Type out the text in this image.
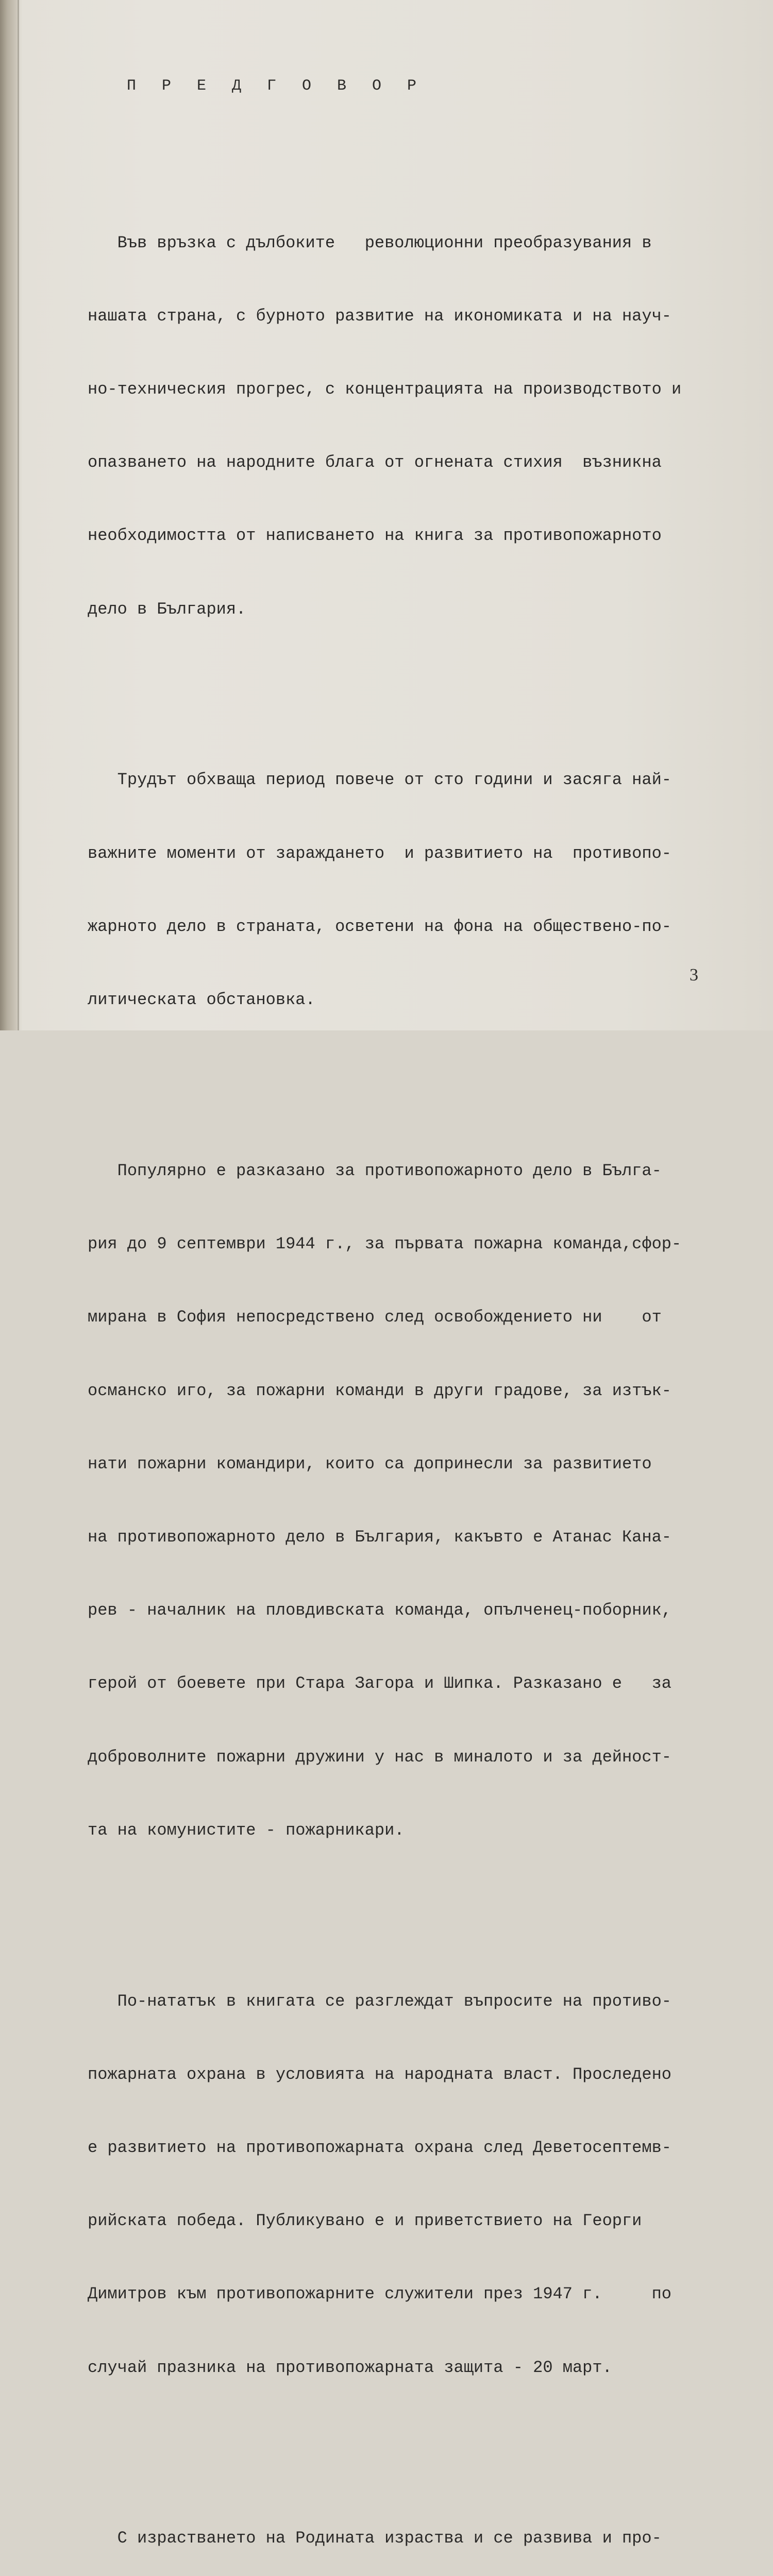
П Р Е Д Г О В О Р

Във връзка с дълбоките   революционни преобразувания в

нашата страна, с бурното развитие на икономиката и на науч-

но-техническия прогрес, с концентрацията на производството и

опазването на народните блага от огнената стихия  възникна

необходимостта от написването на книга за противопожарното

дело в България.

Трудът обхваща период повече от сто години и засяга най-

важните моменти от зараждането  и развитието на  противопо-

жарното дело в страната, осветени на фона на обществено-по-

литическата обстановка.

Популярно е разказано за противопожарното дело в Бълга-

рия до 9 септември 1944 г., за първата пожарна команда,сфор-

мирана в София непосредствено след освобождението ни    от

османско иго, за пожарни команди в други градове, за изтък-

нати пожарни командири, които са допринесли за развитието

на противопожарното дело в България, какъвто е Атанас Кана-

рев - началник на пловдивската команда, опълченец-поборник,

герой от боевете при Стара Загора и Шипка. Разказано е   за

доброволните пожарни дружини у нас в миналото и за дейност-

та на комунистите - пожарникари.

По-нататък в книгата се разглеждат въпросите на противо-

пожарната охрана в условията на народната власт. Проследено

е развитието на противопожарната охрана след Деветосептемв-

рийската победа. Публикувано е и приветствието на Георги

Димитров към противопожарните служители през 1947 г.     по

случай празника на противопожарната защита - 20 март.

С израстването на Родината израства и се развива и про-

3
